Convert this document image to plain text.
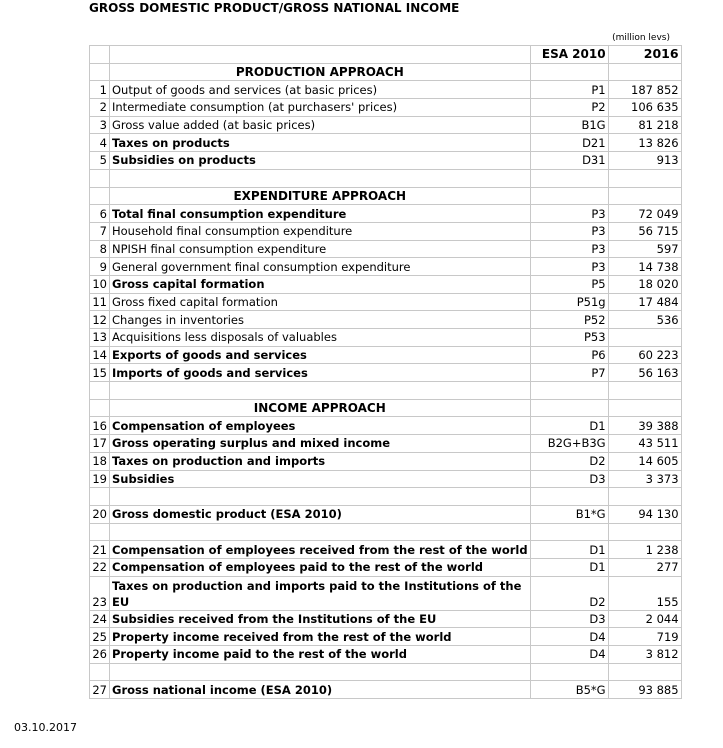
GROSS DOMESTIC PRODUCT/GROSS NATIONAL INCOME
(million levs)
		ESA 2010	2016
	PRODUCTION APPROACH		
1	Output of goods and services (at basic prices)	P1	187 852
2	Intermediate consumption (at purchasers' prices)	P2	106 635
3	Gross value added (at basic prices)	B1G	81 218
4	Taxes on products	D21	13 826
5	Subsidies on products	D31	913

	EXPENDITURE APPROACH		
6	Total final consumption expenditure	P3	72 049
7	Household final consumption expenditure	P3	56 715
8	NPISH final consumption expenditure	P3	597
9	General government final consumption expenditure	P3	14 738
10	Gross capital formation	P5	18 020
11	Gross fixed capital formation	P51g	17 484
12	Changes in inventories	P52	536
13	Acquisitions less disposals of valuables	P53	
14	Exports of goods and services	P6	60 223
15	Imports of goods and services	P7	56 163

	INCOME APPROACH		
16	Compensation of employees	D1	39 388
17	Gross operating surplus and mixed income	B2G+B3G	43 511
18	Taxes on production and imports	D2	14 605
19	Subsidies	D3	3 373

20	Gross domestic product (ESA 2010)	B1*G	94 130

21	Compensation of employees received from the rest of the world	D1	1 238
22	Compensation of employees paid to the rest of the world	D1	277
23	Taxes on production and imports paid to the Institutions of the EU	D2	155
24	Subsidies received from the Institutions of the EU	D3	2 044
25	Property income received from the rest of the world	D4	719
26	Property income paid to the rest of the world	D4	3 812

27	Gross national income (ESA 2010)	B5*G	93 885
03.10.2017
